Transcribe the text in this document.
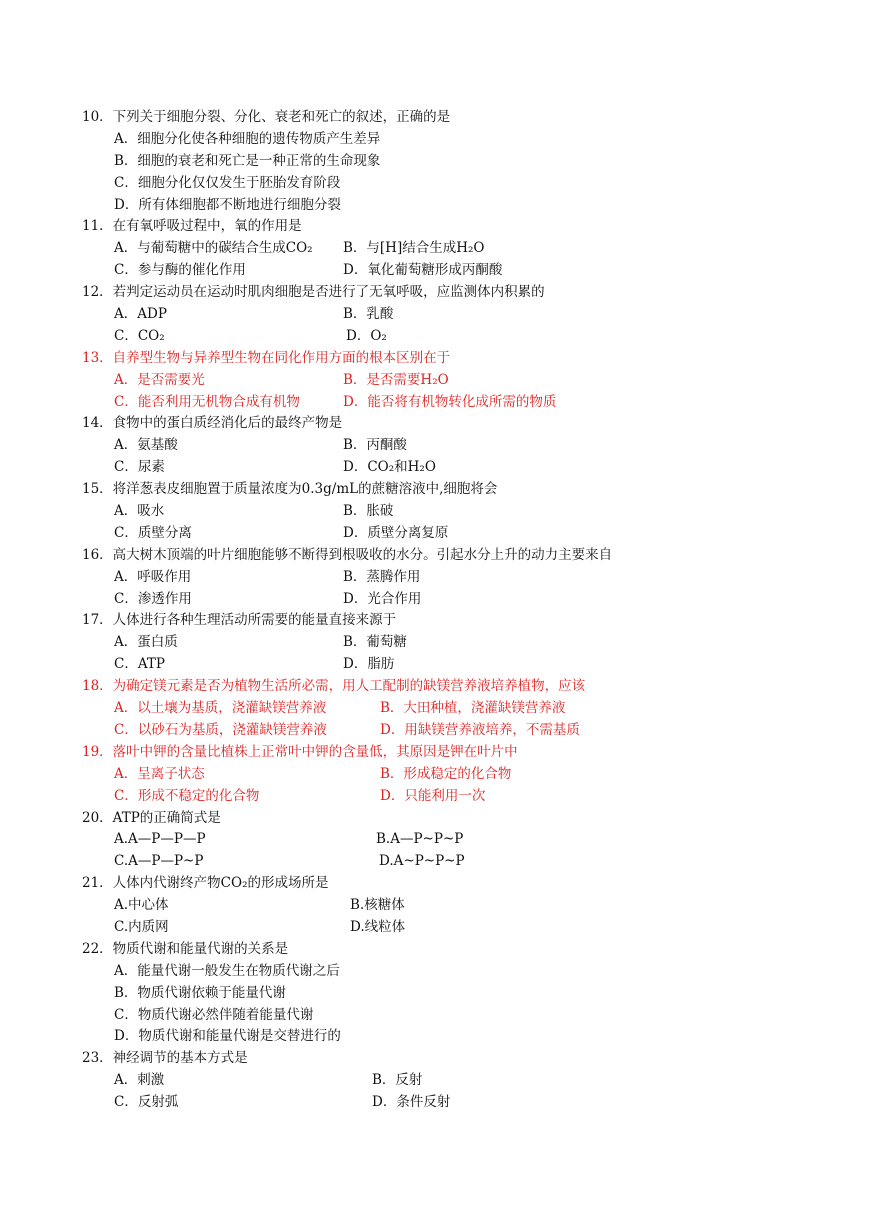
10．下列关于细胞分裂、分化、衰老和死亡的叙述，正确的是
A．细胞分化使各种细胞的遗传物质产生差异
B．细胞的衰老和死亡是一种正常的生命现象
C．细胞分化仅仅发生于胚胎发育阶段
D．所有体细胞都不断地进行细胞分裂
11．在有氧呼吸过程中，氧的作用是
A．与葡萄糖中的碳结合生成CO₂ B．与[H]结合生成H₂O
C．参与酶的催化作用	D．氧化葡萄糖形成丙酮酸
12．若判定运动员在运动时肌肉细胞是否进行了无氧呼吸，应监测体内积累的
A．ADP	B．乳酸
C．CO₂	D．O₂
13．自养型生物与异养型生物在同化作用方面的根本区别在于
A．是否需要光	B．是否需要H₂O
C．能否利用无机物合成有机物	D．能否将有机物转化成所需的物质
14．食物中的蛋白质经消化后的最终产物是
A．氨基酸	B．丙酮酸
C．尿素	D．CO₂和H₂O
15．将洋葱表皮细胞置于质量浓度为0.3g/mL的蔗糖溶液中,细胞将会
A．吸水	B．胀破
C．质壁分离	D．质壁分离复原
16．高大树木顶端的叶片细胞能够不断得到根吸收的水分。引起水分上升的动力主要来自
A．呼吸作用	B．蒸腾作用
C．渗透作用	D．光合作用
17．人体进行各种生理活动所需要的能量直接来源于
A．蛋白质	B．葡萄糖
C．ATP	D．脂肪
18．为确定镁元素是否为植物生活所必需，用人工配制的缺镁营养液培养植物，应该
A．以土壤为基质，浇灌缺镁营养液	B．大田种植，浇灌缺镁营养液
C．以砂石为基质，浇灌缺镁营养液	D．用缺镁营养液培养，不需基质
19．落叶中钾的含量比植株上正常叶中钾的含量低，其原因是钾在叶片中
A．呈离子状态	B．形成稳定的化合物
C．形成不稳定的化合物	D．只能利用一次
20．ATP的正确简式是
A.A—P—P—P	B.A—P~P~P
C.A—P—P~P	D.A~P~P~P
21．人体内代谢终产物CO₂的形成场所是
A.中心体	B.核糖体
C.内质网	D.线粒体
22．物质代谢和能量代谢的关系是
A．能量代谢一般发生在物质代谢之后
B．物质代谢依赖于能量代谢
C．物质代谢必然伴随着能量代谢
D．物质代谢和能量代谢是交替进行的
23．神经调节的基本方式是
A．刺激	B．反射
C．反射弧	D．条件反射
